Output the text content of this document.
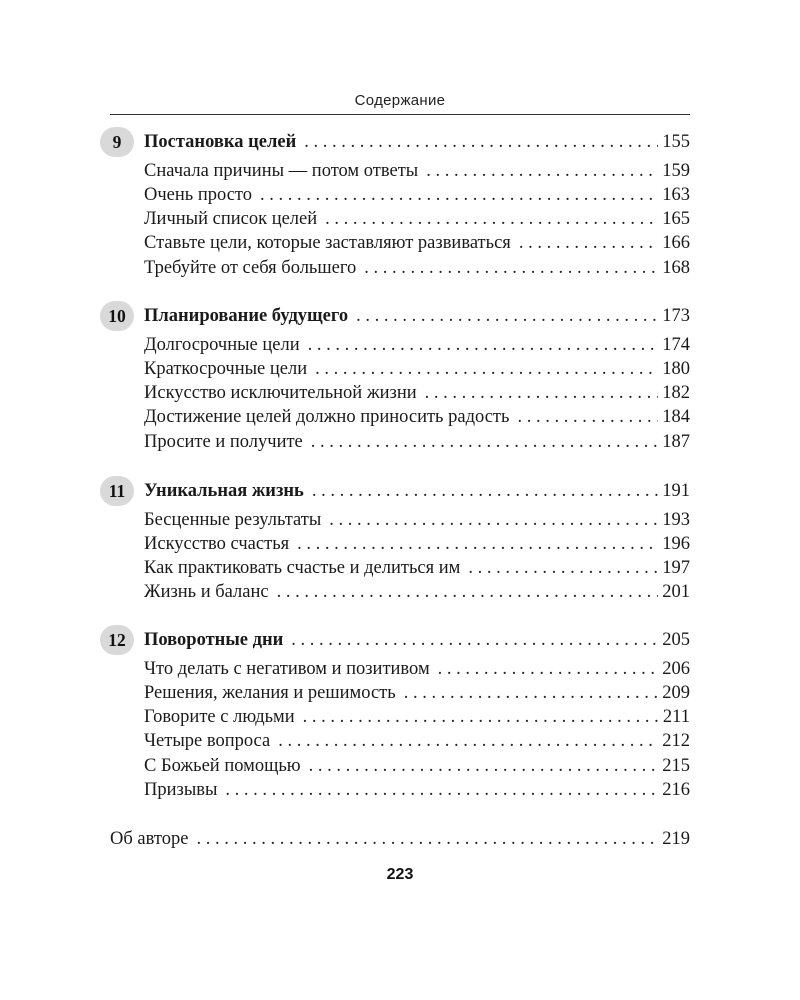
Содержание
9	Постановка целей . . .	155
Сначала причины — потом ответы . . .	159
Очень просто . . .	163
Личный список целей . . .	165
Ставьте цели, которые заставляют развиваться . . .	166
Требуйте от себя большего . . .	168
10 Планирование будущего . . .	173
Долгосрочные цели . . .	174
Краткосрочные цели . . .	180
Искусство исключительной жизни . . .	182
Достижение целей должно приносить радость . . .	184
Просите и получите . . .	187
11	Уникальная жизнь . . .	191
Бесценные результаты . . .	193
Искусство счастья . . .	196
Как практиковать счастье и делиться им . . .	197
Жизнь и баланс . . .	201
12 Поворотные дни . . .	205
Что делать с негативом и позитивом . . .	206
Решения, желания и решимость . . .	209
Говорите с людьми . . .	211
Четыре вопроса . . .	212
С Божьей помощью . . .	215
Призывы . . .	216
Об авторе . . .	219
223
